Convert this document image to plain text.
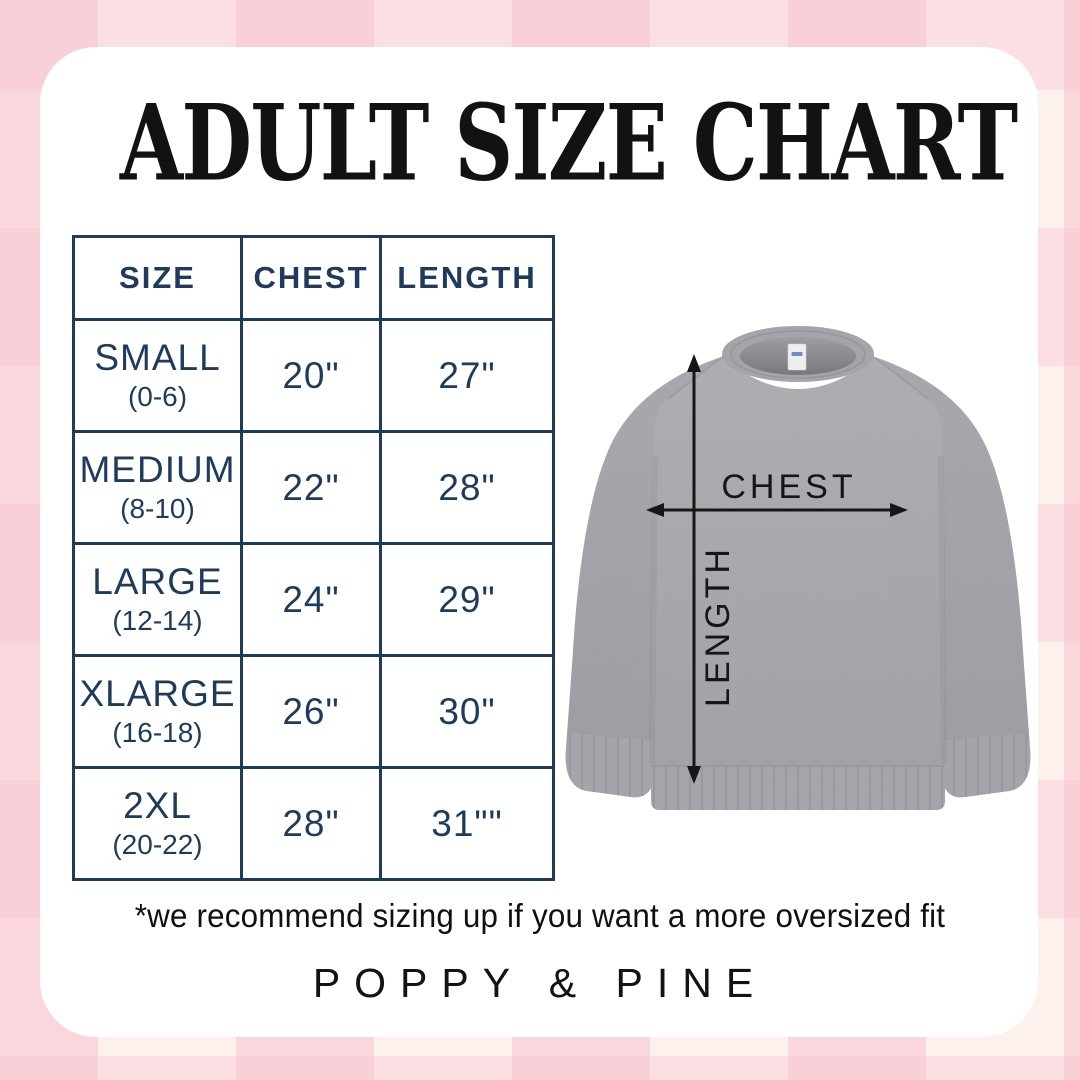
ADULT SIZE CHART
SIZE	CHEST	LENGTH

SMALL
(0-6)	20"	27"

MEDIUM
(8-10)	22"	28"

LARGE
(12-14)	24"	29"

XLARGE
(16-18)	26"	30"

2XL
(20-22)	28"	31""
CHEST
LENGTH
*we recommend sizing up if you want a more oversized fit
POPPY & PINE
